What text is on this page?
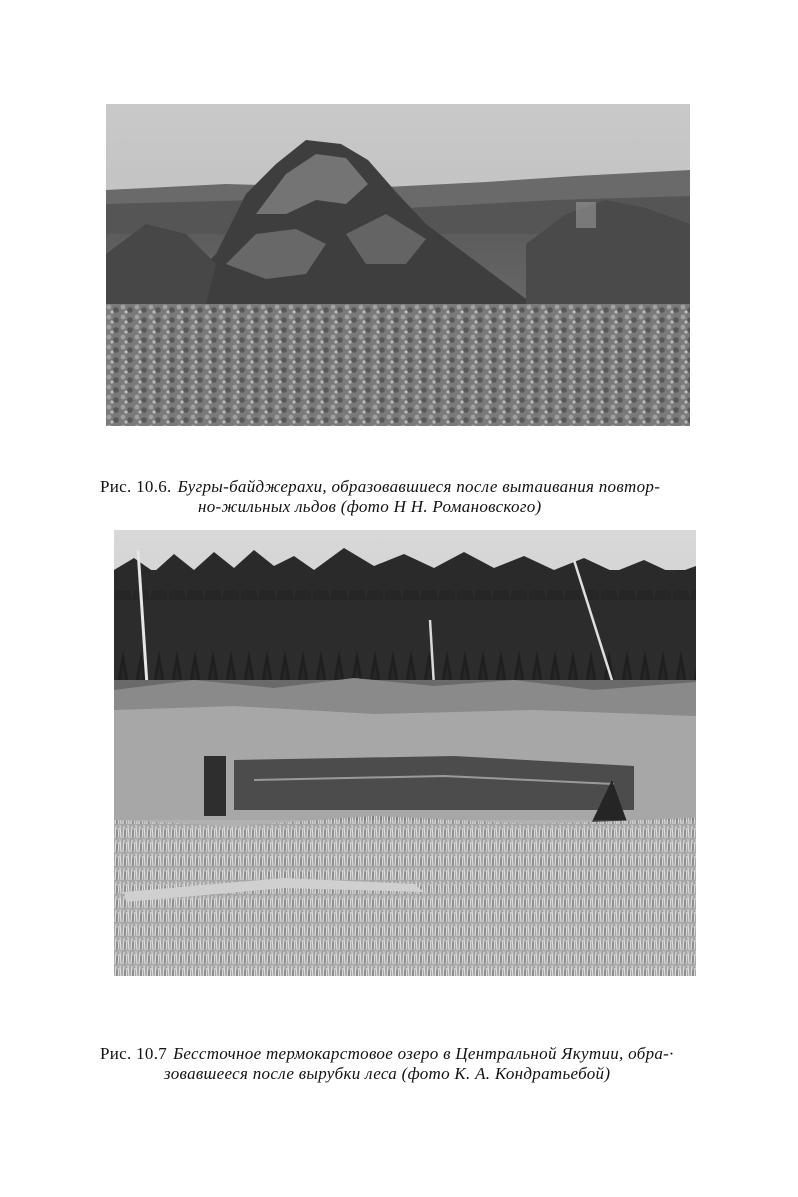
Рис. 10.6. Бугры-байджерахи, образовавшиеся после вытаивания повтор-
но-жильных льдов (фото Н Н. Романовского)
Рис. 10.7 Бессточное термокарстовое озеро в Центральной Якутии, обра-·
зовавшееся после вырубки леса (фото К. А. Кондратьебой)
